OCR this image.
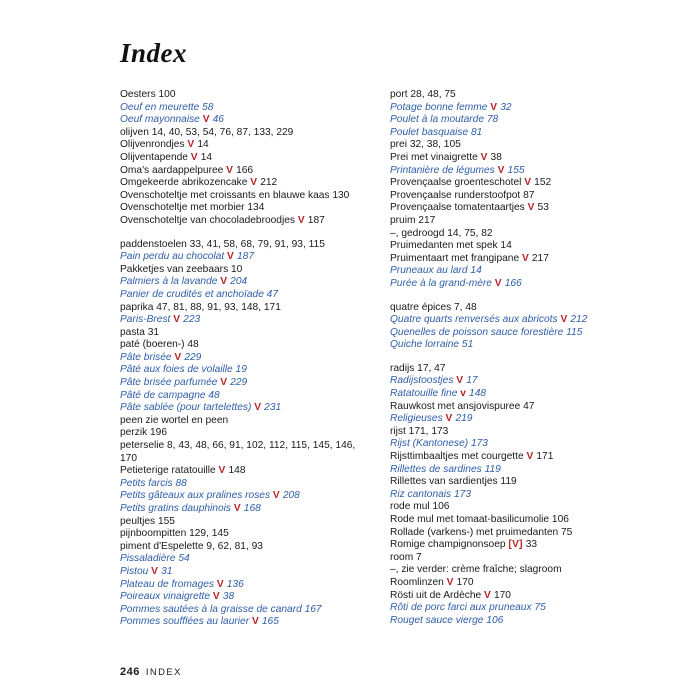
Index

Oesters 100

Oeuf en meurette 58

Oeuf mayonnaise V 46

olijven 14, 40, 53, 54, 76, 87, 133, 229

Olijvenrondjes V 14

Olijventapende V 14

Oma's aardappelpuree V 166

Omgekeerde abrikozencake V 212

Ovenschoteltje met croissants en blauwe kaas 130

Ovenschoteltje met morbier 134

Ovenschoteltje van chocoladebroodjes V 187

paddenstoelen 33, 41, 58, 68, 79, 91, 93, 115

Pain perdu au chocolat V 187

Pakketjes van zeebaars 10

Palmiers à la lavande V 204

Panier de crudités et anchoïade 47

paprika 47, 81, 88, 91, 93, 148, 171

Paris-Brest V 223

pasta 31

paté (boeren-) 48

Pâte brisée V 229

Pâté aux foies de volaille 19

Pâte brisée parfumée V 229

Pâté de campagne 48

Pâte sablée (pour tartelettes) V 231

peen zie wortel en peen

perzik 196

peterselie 8, 43, 48, 66, 91, 102, 112, 115, 145, 146, 170

Petieterige ratatouille V 148

Petits farcis 88

Petits gâteaux aux pralines roses V 208

Petits gratins dauphinois V 168

peultjes 155

pijnboompitten 129, 145

piment d'Espelette 9, 62, 81, 93

Pissaladière 54

Pistou V 31

Plateau de fromages V 136

Poireaux vinaigrette V 38

Pommes sautées à la graisse de canard 167

Pommes soufflées au laurier V 165

port 28, 48, 75

Potage bonne femme V 32

Poulet à la moutarde 78

Poulet basquaise 81

prei 32, 38, 105

Prei met vinaigrette V 38

Printanière de légumes V 155

Provençaalse groenteschotel V 152

Provençaalse runderstoofpot 87

Provençaalse tomatentaartjes V 53

pruim 217

–, gedroogd 14, 75, 82

Pruimedanten met spek 14

Pruimentaart met frangipane V 217

Pruneaux au lard 14

Purée à la grand-mère V 166

quatre épices 7, 48

Quatre quarts renversés aux abricots V 212

Quenelles de poisson sauce forestière 115

Quiche lorraine 51

radijs 17, 47

Radijstoostjes V 17

Ratatouille fine v 148

Rauwkost met ansjovispuree 47

Religieuses V 219

rijst 171, 173

Rijst (Kantonese) 173

Rijsttimbaaltjes met courgette V 171

Rillettes de sardines 119

Rillettes van sardientjes 119

Riz cantonais 173

rode mul 106

Rode mul met tomaat-basilicumolie 106

Rollade (varkens-) met pruimedanten 75

Romige champignonsoep [V] 33

room 7

–, zie verder: crème fraîche; slagroom

Roomlinzen V 170

Rösti uit de Ardèche V 170

Rôti de porc farci aux pruneaux 75

Rouget sauce vierge 106

246 INDEX
